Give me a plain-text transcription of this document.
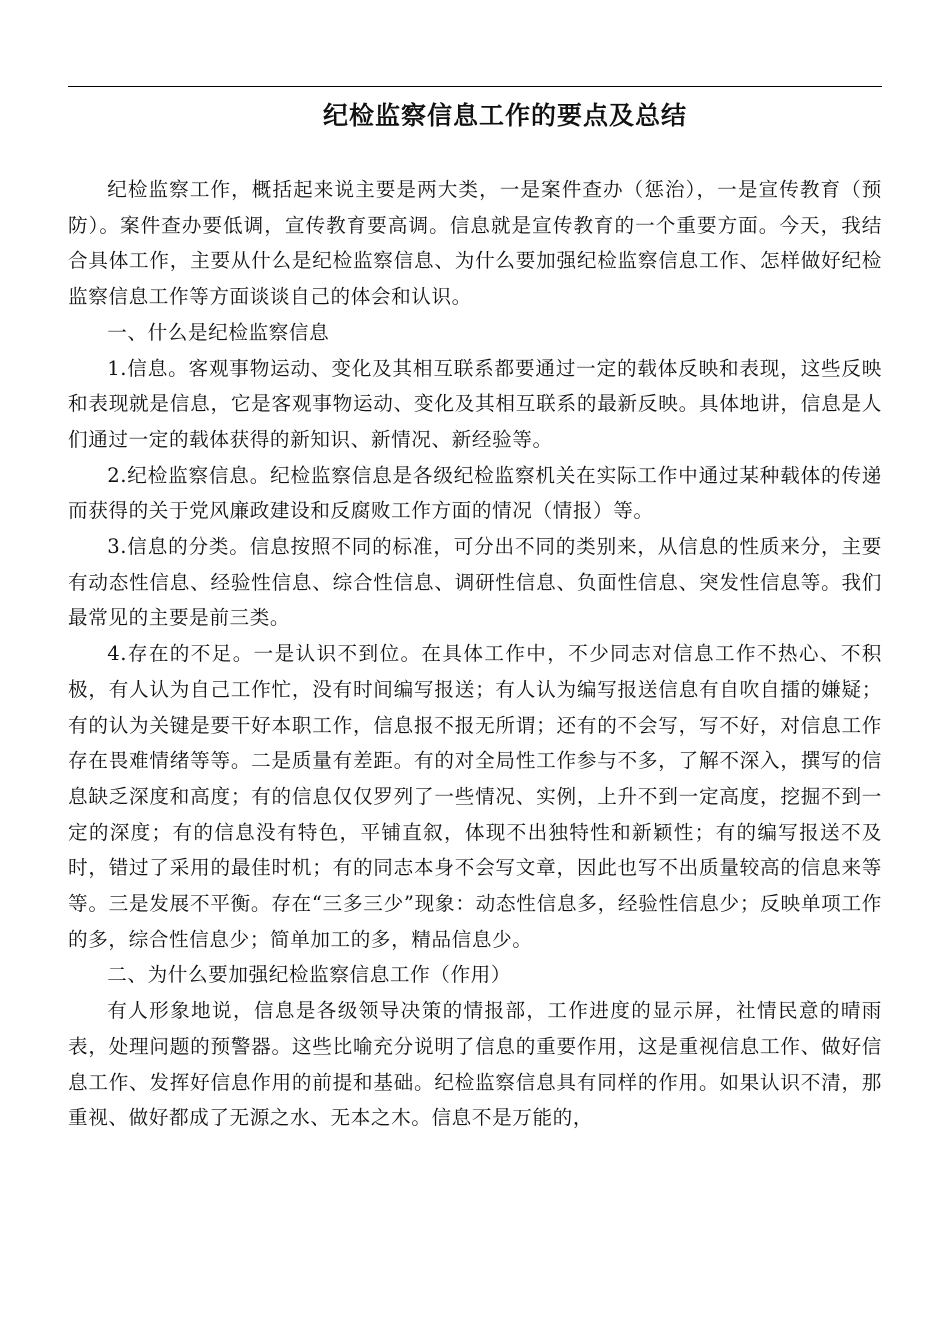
纪检监察信息工作的要点及总结

纪检监察工作，概括起来说主要是两大类，一是案件查办（惩治），一是宣传教育（预防）。案件查办要低调，宣传教育要高调。信息就是宣传教育的一个重要方面。今天，我结合具体工作，主要从什么是纪检监察信息、为什么要加强纪检监察信息工作、怎样做好纪检监察信息工作等方面谈谈自己的体会和认识。

一、什么是纪检监察信息

1.信息。客观事物运动、变化及其相互联系都要通过一定的载体反映和表现，这些反映和表现就是信息，它是客观事物运动、变化及其相互联系的最新反映。具体地讲，信息是人们通过一定的载体获得的新知识、新情况、新经验等。

2.纪检监察信息。纪检监察信息是各级纪检监察机关在实际工作中通过某种载体的传递而获得的关于党风廉政建设和反腐败工作方面的情况（情报）等。

3.信息的分类。信息按照不同的标准，可分出不同的类别来，从信息的性质来分，主要有动态性信息、经验性信息、综合性信息、调研性信息、负面性信息、突发性信息等。我们最常见的主要是前三类。

4.存在的不足。一是认识不到位。在具体工作中，不少同志对信息工作不热心、不积极，有人认为自己工作忙，没有时间编写报送；有人认为编写报送信息有自吹自擂的嫌疑；有的认为关键是要干好本职工作，信息报不报无所谓；还有的不会写，写不好，对信息工作存在畏难情绪等等。二是质量有差距。有的对全局性工作参与不多，了解不深入，撰写的信息缺乏深度和高度；有的信息仅仅罗列了一些情况、实例，上升不到一定高度，挖掘不到一定的深度；有的信息没有特色，平铺直叙，体现不出独特性和新颖性；有的编写报送不及时，错过了采用的最佳时机；有的同志本身不会写文章，因此也写不出质量较高的信息来等等。三是发展不平衡。存在“三多三少”现象：动态性信息多，经验性信息少；反映单项工作的多，综合性信息少；简单加工的多，精品信息少。

二、为什么要加强纪检监察信息工作（作用）

有人形象地说，信息是各级领导决策的情报部，工作进度的显示屏，社情民意的晴雨表，处理问题的预警器。这些比喻充分说明了信息的重要作用，这是重视信息工作、做好信息工作、发挥好信息作用的前提和基础。纪检监察信息具有同样的作用。如果认识不清，那重视、做好都成了无源之水、无本之木。信息不是万能的，
